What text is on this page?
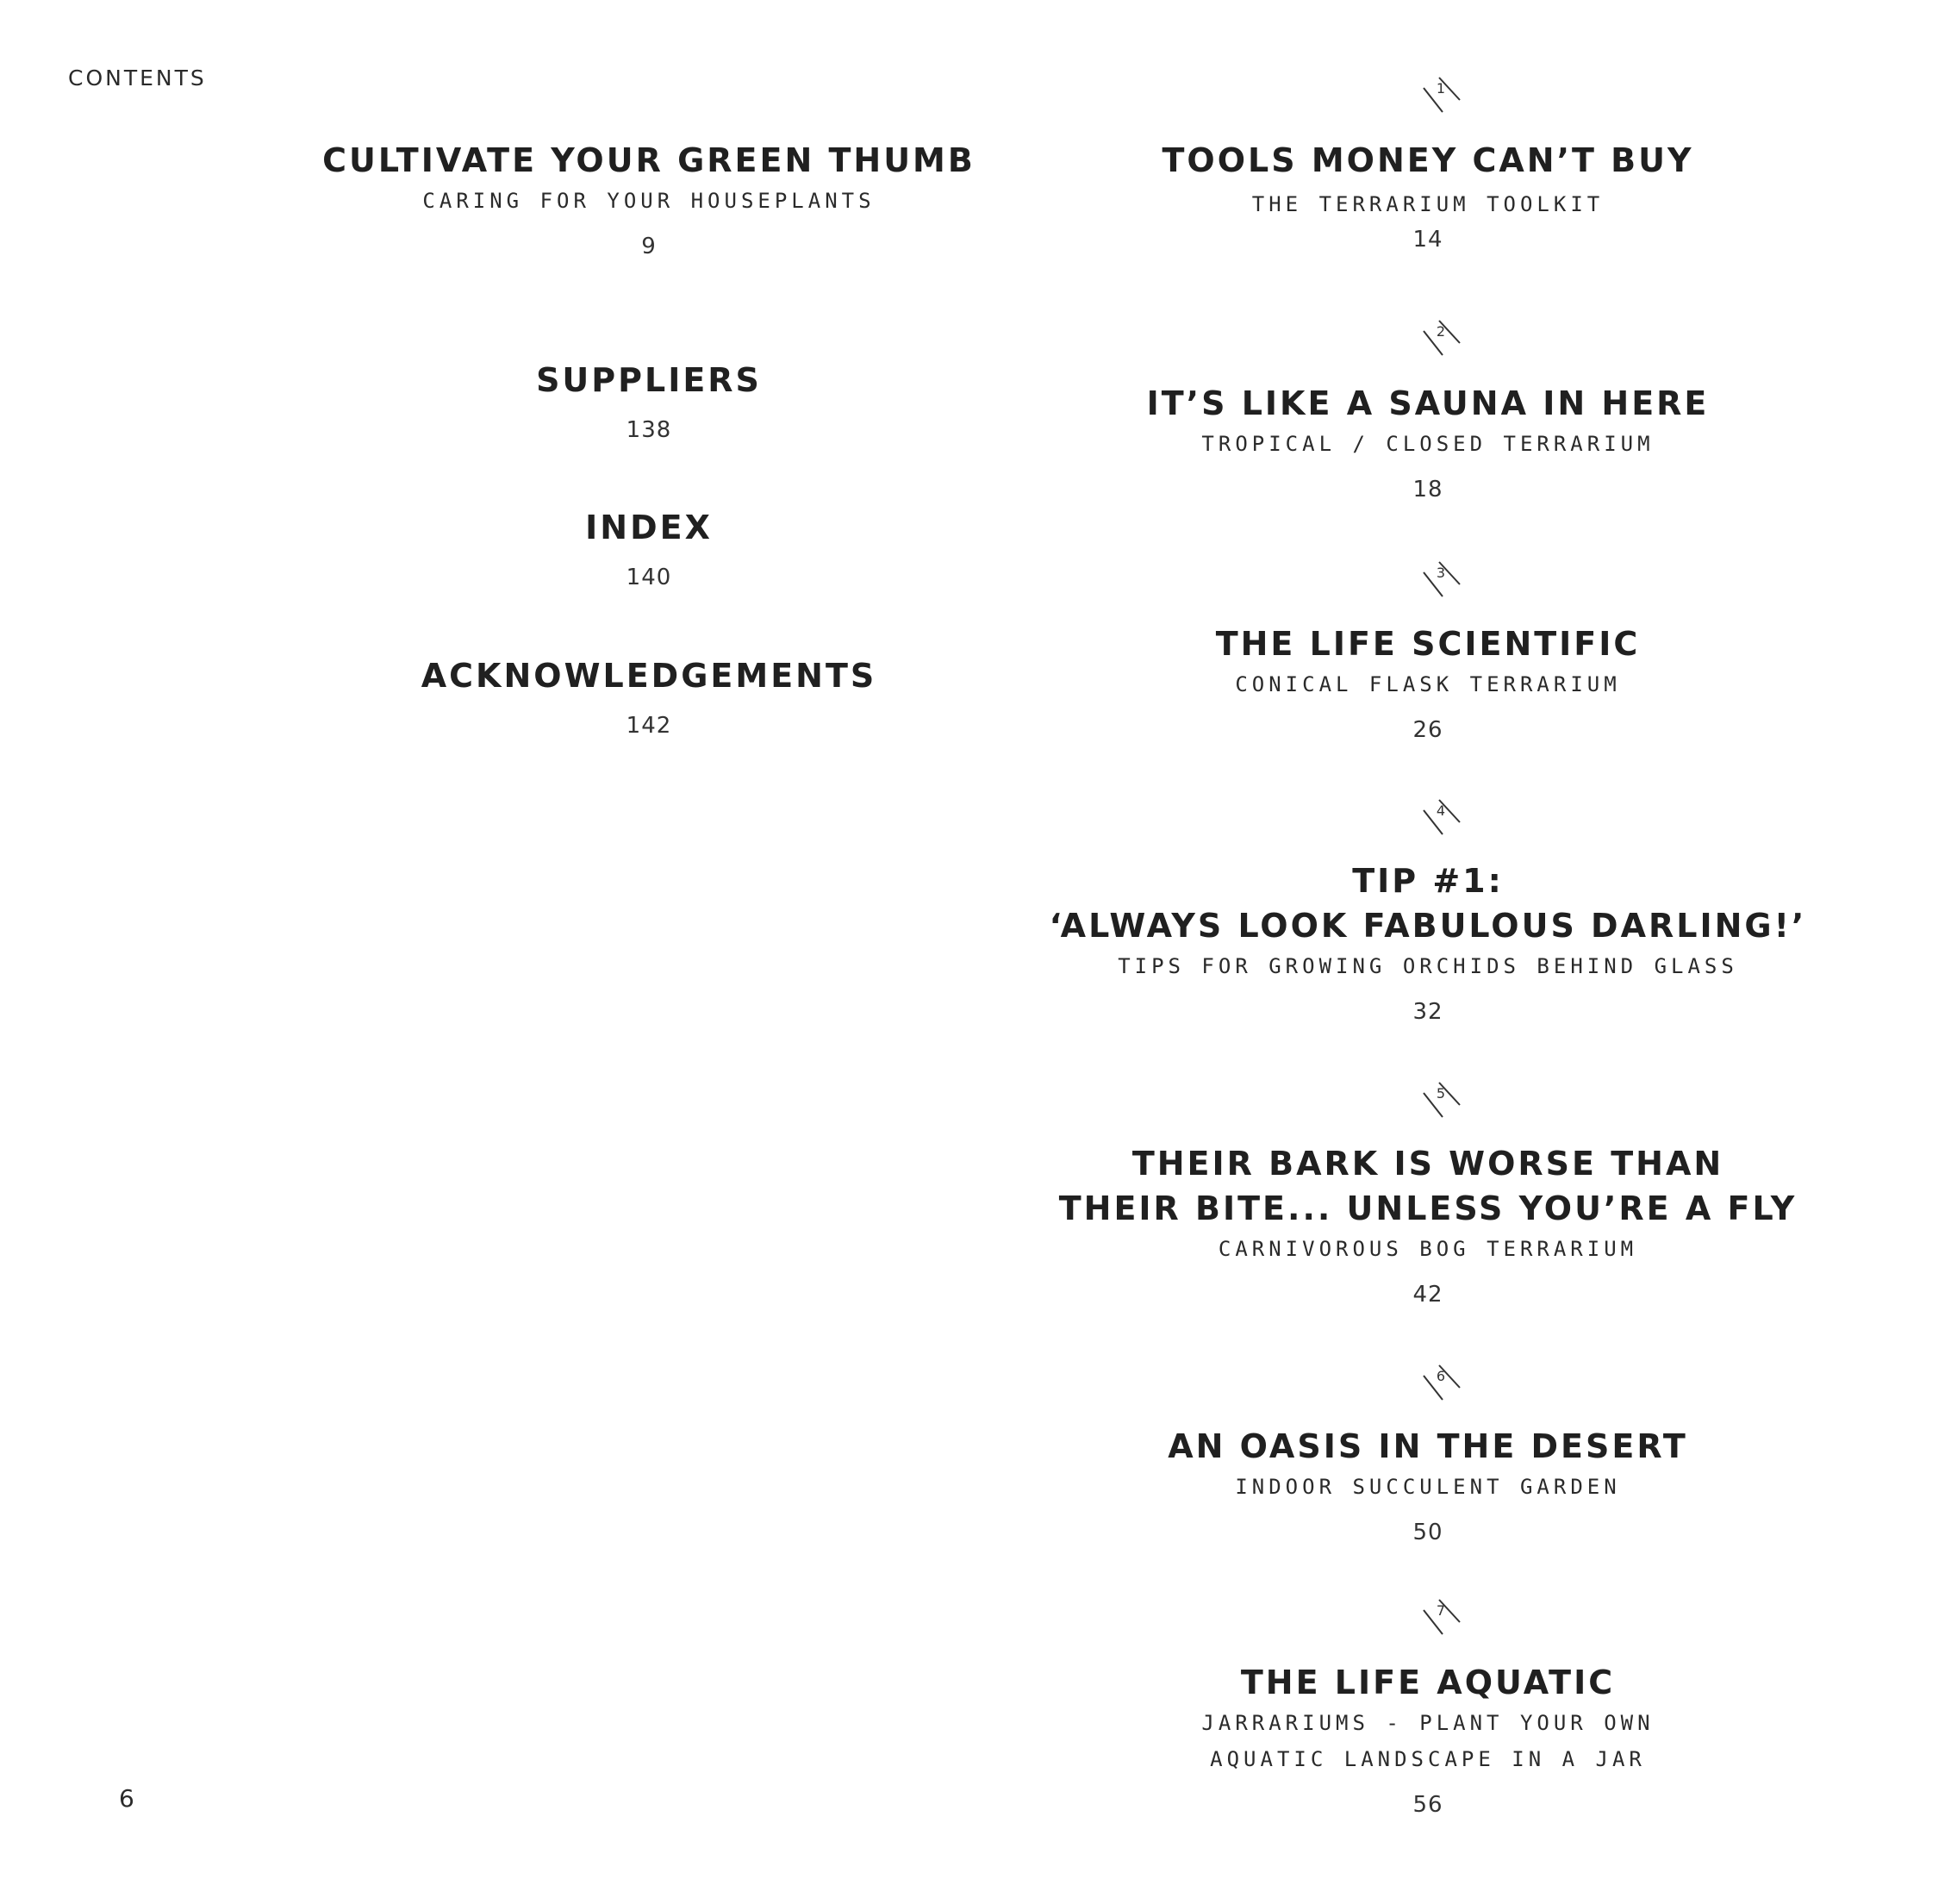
CONTENTS
6
CULTIVATE YOUR GREEN THUMB
CARING FOR YOUR HOUSEPLANTS
9
SUPPLIERS
138
INDEX
140
ACKNOWLEDGEMENTS
142
1
TOOLS MONEY CAN’T BUY
THE TERRARIUM TOOLKIT
14
2
IT’S LIKE A SAUNA IN HERE
TROPICAL / CLOSED TERRARIUM
18
3
THE LIFE SCIENTIFIC
CONICAL FLASK TERRARIUM
26
4
TIP #1:
‘ALWAYS LOOK FABULOUS DARLING!’
TIPS FOR GROWING ORCHIDS BEHIND GLASS
32
5
THEIR BARK IS WORSE THAN
THEIR BITE... UNLESS YOU’RE A FLY
CARNIVOROUS BOG TERRARIUM
42
6
AN OASIS IN THE DESERT
INDOOR SUCCULENT GARDEN
50
7
THE LIFE AQUATIC
JARRARIUMS - PLANT YOUR OWN
AQUATIC LANDSCAPE IN A JAR
56
